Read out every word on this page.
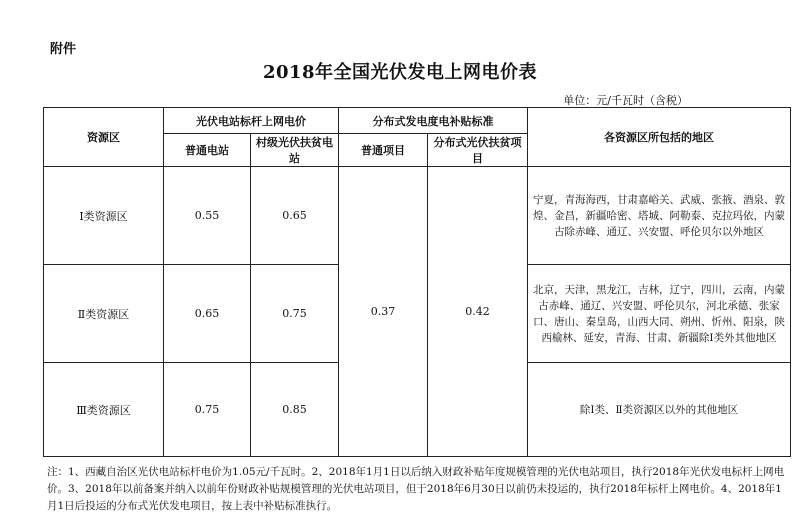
附件
2018年全国光伏发电上网电价表
单位：元/千瓦时（含税）
资源区	光伏电站标杆上网电价		分布式发电度电补贴标准		各资源区所包括的地区
	普通电站	村级光伏扶贫电站	普通项目	分布式光伏扶贫项目	
Ⅰ类资源区	0.55	0.65	0.37	0.42	宁夏，青海海西，甘肃嘉峪关、武威、张掖、酒泉、敦煌、金昌，新疆哈密、塔城、阿勒泰、克拉玛依，内蒙古除赤峰、通辽、兴安盟、呼伦贝尔以外地区
Ⅱ类资源区	0.65	0.75			北京，天津，黑龙江，吉林，辽宁，四川，云南，内蒙古赤峰、通辽、兴安盟、呼伦贝尔，河北承德、张家口、唐山、秦皇岛，山西大同、朔州、忻州、阳泉，陕西榆林、延安，青海、甘肃、新疆除Ⅰ类外其他地区
Ⅲ类资源区	0.75	0.85			除Ⅰ类、Ⅱ类资源区以外的其他地区
注：1、西藏自治区光伏电站标杆电价为1.05元/千瓦时。2、2018年1月1日以后纳入财政补贴年度规模管理的光伏电站项目，执行2018年光伏发电标杆上网电价。3、2018年以前备案并纳入以前年份财政补贴规模管理的光伏电站项目，但于2018年6月30日以前仍未投运的，执行2018年标杆上网电价。4、2018年1月1日后投运的分布式光伏发电项目，按上表中补贴标准执行。
